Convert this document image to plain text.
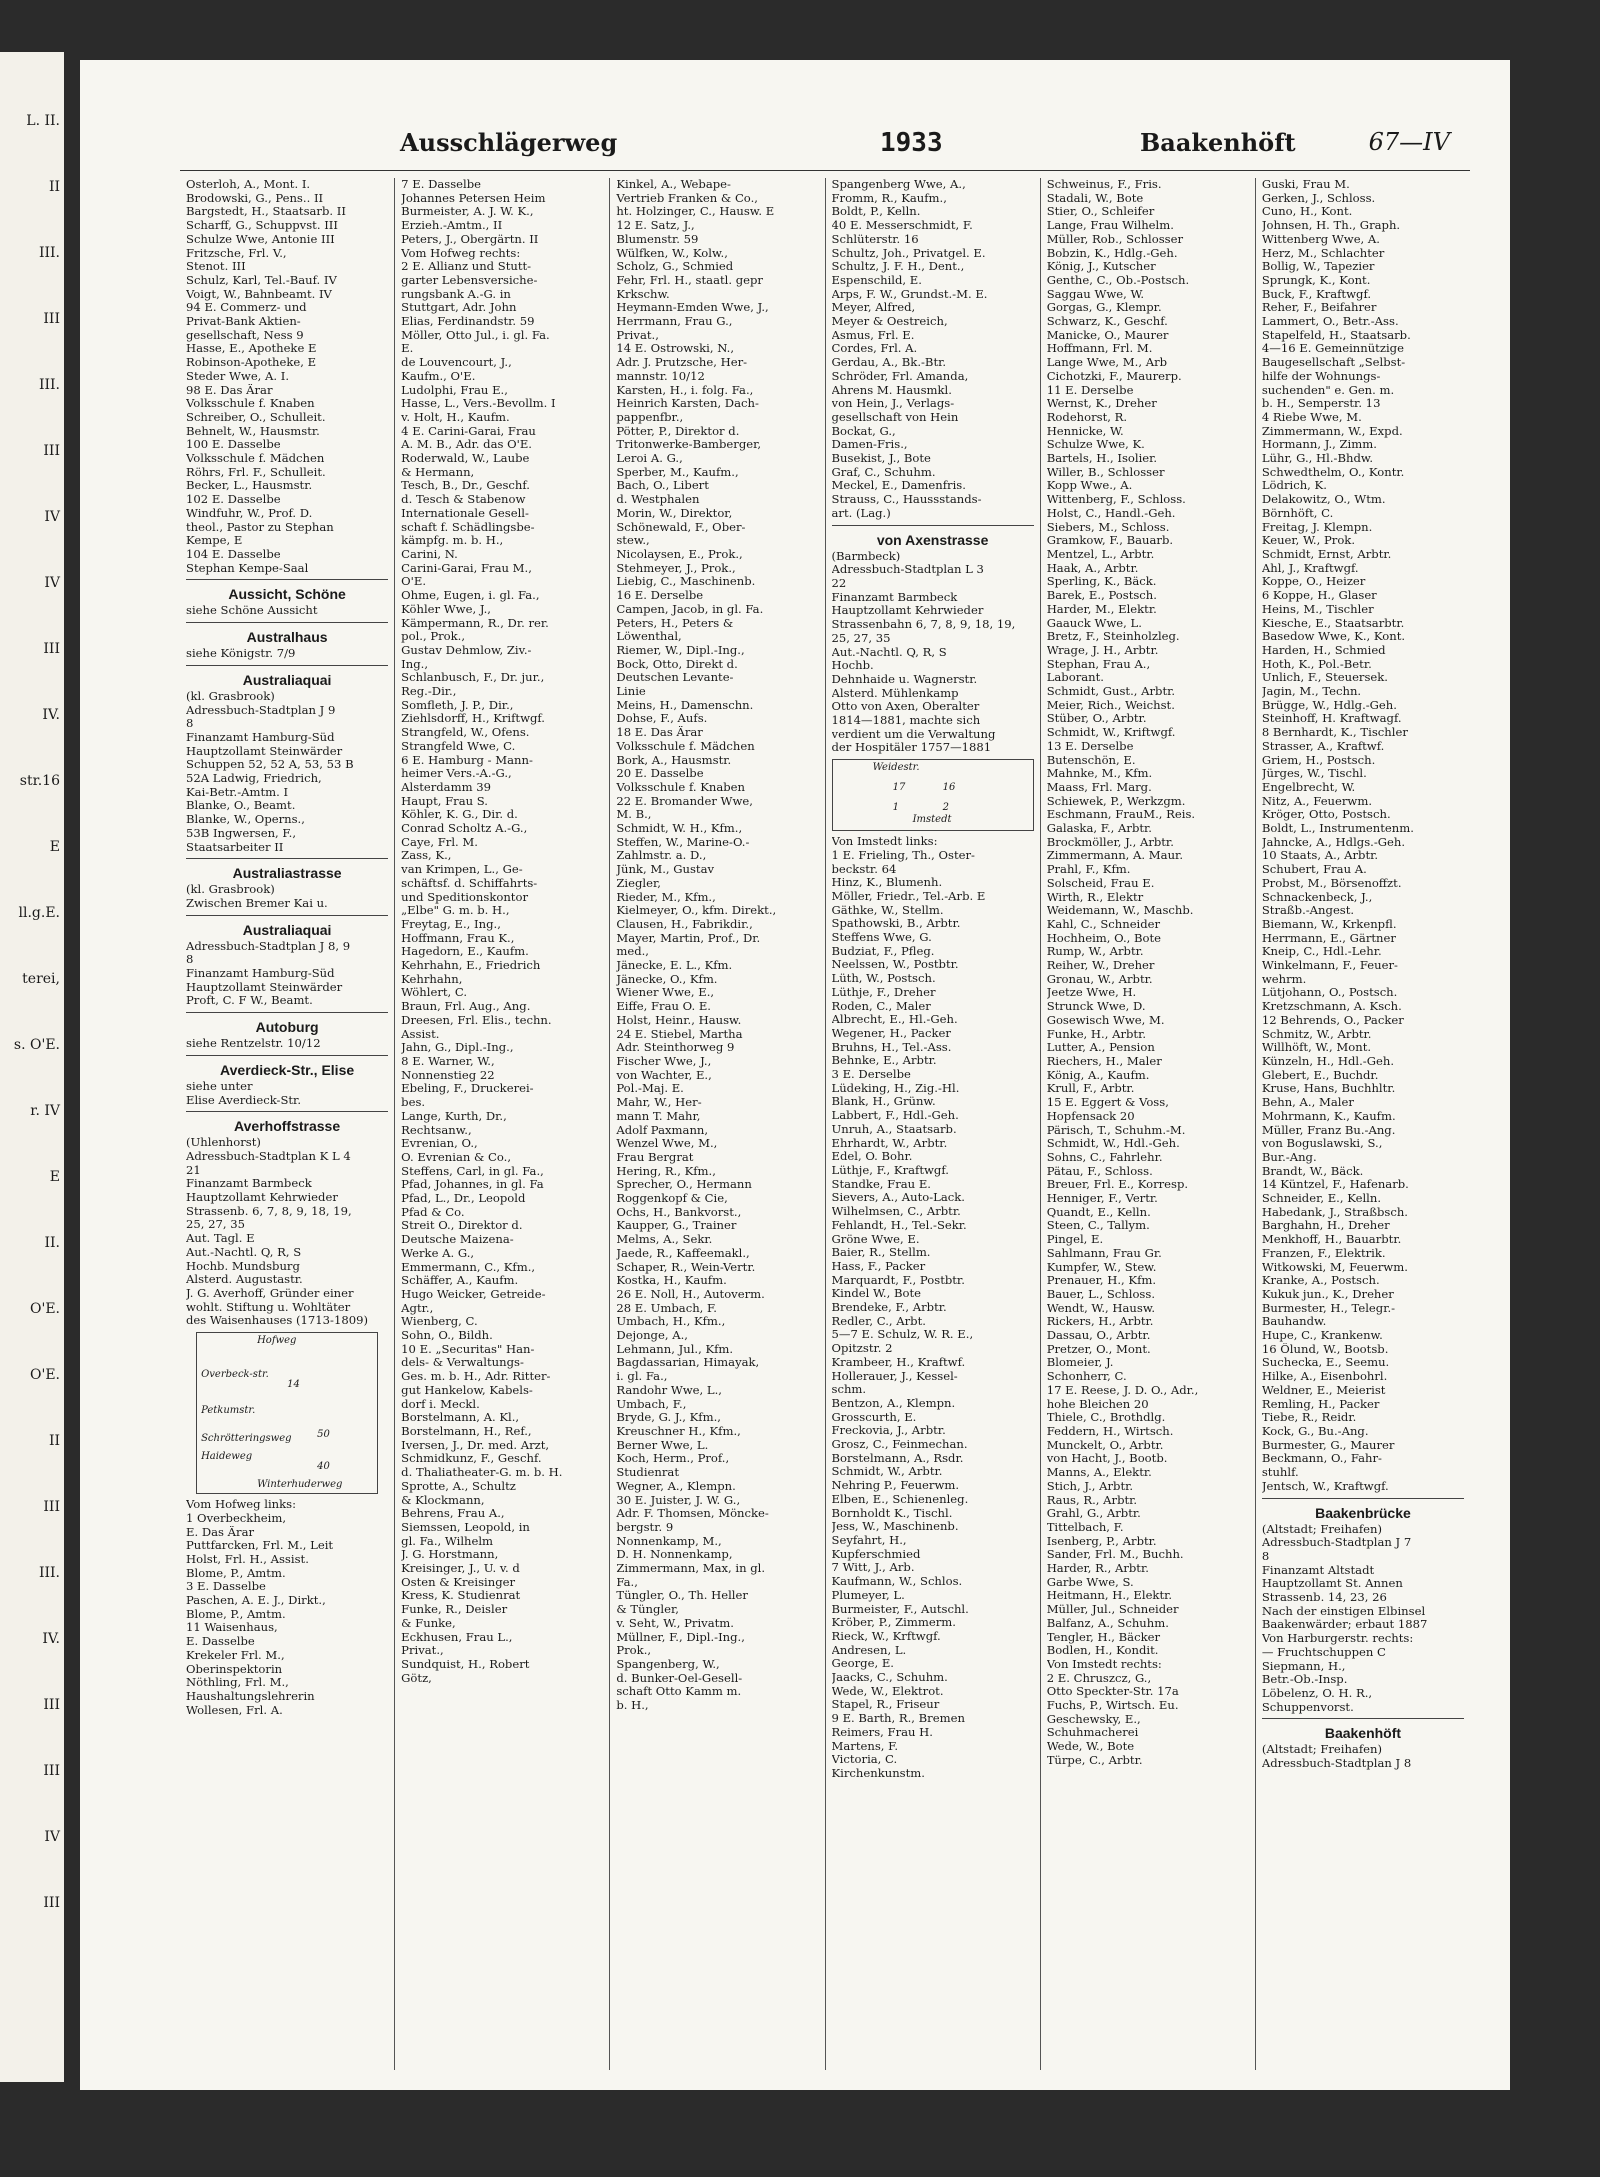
L. II.
II
III.
III
III.
III
IV
IV
III
IV.
str.16
E
ll.g.E.
terei,
s. O'E.
r. IV
E
II.
O'E.
O'E.
II
III
III.
IV.
III
III
IV
III
Ausschlägerweg	1933	Baakenhöft	67—IV
Osterloh, A., Mont. I.
Brodowski, G., Pens.. II
Bargstedt, H., Staatsarb. II
Scharff, G., Schuppvst. III
Schulze Wwe, Antonie III
Fritzsche, Frl. V.,
Stenot. III
Schulz, Karl, Tel.-Bauf. IV
Voigt, W., Bahnbeamt. IV
94 E. Commerz- und
Privat-Bank Aktien-
gesellschaft, Ness 9
Hasse, E., Apotheke E
Robinson-Apotheke, E
Steder Wwe, A. I.
98 E. Das Ärar
Volksschule f. Knaben
Schreiber, O., Schulleit.
Behnelt, W., Hausmstr.
100 E. Dasselbe
Volksschule f. Mädchen
Röhrs, Frl. F., Schulleit.
Becker, L., Hausmstr.
102 E. Dasselbe
Windfuhr, W., Prof. D.
theol., Pastor zu Stephan
Kempe, E
104 E. Dasselbe
Stephan Kempe-Saal
Aussicht, Schöne
siehe Schöne Aussicht
Australhaus
siehe Königstr. 7/9
Australiaquai
(kl. Grasbrook)
Adressbuch-Stadtplan J 9
8
Finanzamt Hamburg-Süd
Hauptzollamt Steinwärder
Schuppen 52, 52 A, 53, 53 B
52A Ladwig, Friedrich,
Kai-Betr.-Amtm. I
Blanke, O., Beamt.
Blanke, W., Operns.,
53B Ingwersen, F.,
Staatsarbeiter II
Australiastrasse
(kl. Grasbrook)
Zwischen Bremer Kai u.
Australiaquai
Adressbuch-Stadtplan J 8, 9
8
Finanzamt Hamburg-Süd
Hauptzollamt Steinwärder
Proft, C. F W., Beamt.
Autoburg
siehe Rentzelstr. 10/12
Averdieck-Str., Elise
siehe unter
Elise Averdieck-Str.
Averhoffstrasse
(Uhlenhorst)
Adressbuch-Stadtplan K L 4
21
Finanzamt Barmbeck
Hauptzollamt Kehrwieder
Strassenb. 6, 7, 8, 9, 18, 19,
25, 27, 35
Aut. Tagl. E
Aut.-Nachtl. Q, R, S
Hochb. Mundsburg
Alsterd. Augustastr.
J. G. Averhoff, Gründer einer
wohlt. Stiftung u. Wohltäter
des Waisenhauses (1713-1809)
Hofweg
Overbeck-str.
14
Petkumstr.
Schrötteringsweg	50
Haideweg
40
Winterhuderweg
Vom Hofweg links:
1 Overbeckheim,
E. Das Ärar
Puttfarcken, Frl. M., Leit
Holst, Frl. H., Assist.
Blome, P., Amtm.
3 E. Dasselbe
Paschen, A. E. J., Dirkt.,
Blome, P., Amtm.
11 Waisenhaus,
E. Dasselbe
Krekeler Frl. M.,
Oberinspektorin
Nöthling, Frl. M.,
Haushaltungslehrerin
Wollesen, Frl. A.
7 E. Dasselbe
Johannes Petersen Heim
Burmeister, A. J. W. K.,
Erzieh.-Amtm., II
Peters, J., Obergärtn. II
Vom Hofweg rechts:
2 E. Allianz und Stutt-
garter Lebensversiche-
rungsbank A.-G. in
Stuttgart, Adr. John
Elias, Ferdinandstr. 59
Möller, Otto Jul., i. gl. Fa.
E.
de Louvencourt, J.,
Kaufm., O'E.
Ludolphi, Frau E.,
Hasse, L., Vers.-Bevollm. I
v. Holt, H., Kaufm.
4 E. Carini-Garai, Frau
A. M. B., Adr. das O'E.
Roderwald, W., Laube
& Hermann,
Tesch, B., Dr., Geschf.
d. Tesch & Stabenow
Internationale Gesell-
schaft f. Schädlingsbe-
kämpfg. m. b. H.,
Carini, N.
Carini-Garai, Frau M.,
O'E.
Ohme, Eugen, i. gl. Fa.,
Köhler Wwe, J.,
Kämpermann, R., Dr. rer.
pol., Prok.,
Gustav Dehmlow, Ziv.-
Ing.,
Schlanbusch, F., Dr. jur.,
Reg.-Dir.,
Somfleth, J. P., Dir.,
Ziehlsdorff, H., Kriftwgf.
Strangfeld, W., Ofens.
Strangfeld Wwe, C.
6 E. Hamburg - Mann-
heimer Vers.-A.-G.,
Alsterdamm 39
Haupt, Frau S.
Köhler, K. G., Dir. d.
Conrad Scholtz A.-G.,
Caye, Frl. M.
Zass, K.,
van Krimpen, L., Ge-
schäftsf. d. Schiffahrts-
und Speditionskontor
„Elbe" G. m. b. H.,
Freytag, E., Ing.,
Hoffmann, Frau K.,
Hagedorn, E., Kaufm.
Kehrhahn, E., Friedrich
Kehrhahn,
Wöhlert, C.
Braun, Frl. Aug., Ang.
Dreesen, Frl. Elis., techn.
Assist.
Jahn, G., Dipl.-Ing.,
8 E. Warner, W.,
Nonnenstieg 22
Ebeling, F., Druckerei-
bes.
Lange, Kurth, Dr.,
Rechtsanw.,
Evrenian, O.,
O. Evrenian & Co.,
Steffens, Carl, in gl. Fa.,
Pfad, Johannes, in gl. Fa
Pfad, L., Dr., Leopold
Pfad & Co.
Streit O., Direktor d.
Deutsche Maizena-
Werke A. G.,
Emmermann, C., Kfm.,
Schäffer, A., Kaufm.
Hugo Weicker, Getreide-
Agtr.,
Wienberg, C.
Sohn, O., Bildh.
10 E. „Securitas" Han-
dels- & Verwaltungs-
Ges. m. b. H., Adr. Ritter-
gut Hankelow, Kabels-
dorf i. Meckl.
Borstelmann, A. Kl.,
Borstelmann, H., Ref.,
Iversen, J., Dr. med. Arzt,
Schmidkunz, F., Geschf.
d. Thaliatheater-G. m. b. H.
Sprotte, A., Schultz
& Klockmann,
Behrens, Frau A.,
Siemssen, Leopold, in
gl. Fa., Wilhelm
J. G. Horstmann,
Kreisinger, J., U. v. d
Osten & Kreisinger
Kress, K. Studienrat
Funke, R., Deisler
& Funke,
Eckhusen, Frau L.,
Privat.,
Sundquist, H., Robert
Götz,
Kinkel, A., Webape-
Vertrieb Franken & Co.,
ht. Holzinger, C., Hausw. E
12 E. Satz, J.,
Blumenstr. 59
Wülfken, W., Kolw.,
Scholz, G., Schmied
Fehr, Frl. H., staatl. gepr
Krkschw.
Heymann-Emden Wwe, J.,
Herrmann, Frau G.,
Privat.,
14 E. Ostrowski, N.,
Adr. J. Prutzsche, Her-
mannstr. 10/12
Karsten, H., i. folg. Fa.,
Heinrich Karsten, Dach-
pappenfbr.,
Pötter, P., Direktor d.
Tritonwerke-Bamberger,
Leroi A. G.,
Sperber, M., Kaufm.,
Bach, O., Libert
d. Westphalen
Morin, W., Direktor,
Schönewald, F., Ober-
stew.,
Nicolaysen, E., Prok.,
Stehmeyer, J., Prok.,
Liebig, C., Maschinenb.
16 E. Derselbe
Campen, Jacob, in gl. Fa.
Peters, H., Peters &
Löwenthal,
Riemer, W., Dipl.-Ing.,
Bock, Otto, Direkt d.
Deutschen Levante-
Linie
Meins, H., Damenschn.
Dohse, F., Aufs.
18 E. Das Ärar
Volksschule f. Mädchen
Bork, A., Hausmstr.
20 E. Dasselbe
Volksschule f. Knaben
22 E. Bromander Wwe,
M. B.,
Schmidt, W. H., Kfm.,
Steffen, W., Marine-O.-
Zahlmstr. a. D.,
Jünk, M., Gustav
Ziegler,
Rieder, M., Kfm.,
Kielmeyer, O., kfm. Direkt.,
Clausen, H., Fabrikdir.,
Mayer, Martin, Prof., Dr.
med.,
Jänecke, E. L., Kfm.
Jänecke, O., Kfm.
Wiener Wwe, E.,
Eiffe, Frau O. E.
Holst, Heinr., Hausw.
24 E. Stiebel, Martha
Adr. Steinthorweg 9
Fischer Wwe, J.,
von Wachter, E.,
Pol.-Maj. E.
Mahr, W., Her-
mann T. Mahr,
Adolf Paxmann,
Wenzel Wwe, M.,
Frau Bergrat
Hering, R., Kfm.,
Sprecher, O., Hermann
Roggenkopf & Cie,
Ochs, H., Bankvorst.,
Kaupper, G., Trainer
Melms, A., Sekr.
Jaede, R., Kaffeemakl.,
Schaper, R., Wein-Vertr.
Kostka, H., Kaufm.
26 E. Noll, H., Autoverm.
28 E. Umbach, F.
Umbach, H., Kfm.,
Dejonge, A.,
Lehmann, Jul., Kfm.
Bagdassarian, Himayak,
i. gl. Fa.,
Randohr Wwe, L.,
Umbach, F.,
Bryde, G. J., Kfm.,
Kreuschner H., Kfm.,
Berner Wwe, L.
Koch, Herm., Prof.,
Studienrat
Wegner, A., Klempn.
30 E. Juister, J. W. G.,
Adr. F. Thomsen, Möncke-
bergstr. 9
Nonnenkamp, M.,
D. H. Nonnenkamp,
Zimmermann, Max, in gl.
Fa.,
Tüngler, O., Th. Heller
& Tüngler,
v. Seht, W., Privatm.
Müllner, F., Dipl.-Ing.,
Prok.,
Spangenberg, W.,
d. Bunker-Oel-Gesell-
schaft Otto Kamm m.
b. H.,
Spangenberg Wwe, A.,
Fromm, R., Kaufm.,
Boldt, P., Kelln.
40 E. Messerschmidt, F.
Schlüterstr. 16
Schultz, Joh., Privatgel. E.
Schultz, J. F. H., Dent.,
Espenschild, E.
Arps, F. W., Grundst.-M. E.
Meyer, Alfred,
Meyer & Oestreich,
Asmus, Frl. E.
Cordes, Frl. A.
Gerdau, A., Bk.-Btr.
Schröder, Frl. Amanda,
Ahrens M. Hausmkl.
von Hein, J., Verlags-
gesellschaft von Hein
Bockat, G.,
Damen-Fris.,
Busekist, J., Bote
Graf, C., Schuhm.
Meckel, E., Damenfris.
Strauss, C., Haussstands-
art. (Lag.)
von Axenstrasse
(Barmbeck)
Adressbuch-Stadtplan L 3
22
Finanzamt Barmbeck
Hauptzollamt Kehrwieder
Strassenbahn 6, 7, 8, 9, 18, 19,
25, 27, 35
Aut.-Nachtl. Q, R, S
Hochb.
Dehnhaide u. Wagnerstr.
Alsterd. Mühlenkamp
Otto von Axen, Oberalter
1814—1881, machte sich
verdient um die Verwaltung
der Hospitäler 1757—1881
Weidestr.
17	16
1	2
Imstedt
Von Imstedt links:
1 E. Frieling, Th., Oster-
beckstr. 64
Hinz, K., Blumenh.
Möller, Friedr., Tel.-Arb. E
Gäthke, W., Stellm.
Spathowski, B., Arbtr.
Steffens Wwe, G.
Budziat, F., Pfleg.
Neelssen, W., Postbtr.
Lüth, W., Postsch.
Lüthje, F., Dreher
Roden, C., Maler
Albrecht, E., Hl.-Geh.
Wegener, H., Packer
Bruhns, H., Tel.-Ass.
Behnke, E., Arbtr.
3 E. Derselbe
Lüdeking, H., Zig.-Hl.
Blank, H., Grünw.
Labbert, F., Hdl.-Geh.
Unruh, A., Staatsarb.
Ehrhardt, W., Arbtr.
Edel, O. Bohr.
Lüthje, F., Kraftwgf.
Standke, Frau E.
Sievers, A., Auto-Lack.
Wilhelmsen, C., Arbtr.
Fehlandt, H., Tel.-Sekr.
Gröne Wwe, E.
Baier, R., Stellm.
Hass, F., Packer
Marquardt, F., Postbtr.
Kindel W., Bote
Brendeke, F., Arbtr.
Redler, C., Arbt.
5—7 E. Schulz, W. R. E.,
Opitzstr. 2
Krambeer, H., Kraftwf.
Hollerauer, J., Kessel-
schm.
Bentzon, A., Klempn.
Grosscurth, E.
Freckovia, J., Arbtr.
Grosz, C., Feinmechan.
Borstelmann, A., Rsdr.
Schmidt, W., Arbtr.
Nehring P., Feuerwm.
Elben, E., Schienenleg.
Bornholdt K., Tischl.
Jess, W., Maschinenb.
Seyfahrt, H.,
Kupferschmied
7 Witt, J., Arb.
Kaufmann, W., Schlos.
Plumeyer, L.
Burmeister, F., Autschl.
Kröber, P., Zimmerm.
Rieck, W., Krftwgf.
Andresen, L.
George, E.
Jaacks, C., Schuhm.
Wede, W., Elektrot.
Stapel, R., Friseur
9 E. Barth, R., Bremen
Reimers, Frau H.
Martens, F.
Victoria, C.
Kirchenkunstm.
Schweinus, F., Fris.
Stadali, W., Bote
Stier, O., Schleifer
Lange, Frau Wilhelm.
Müller, Rob., Schlosser
Bobzin, K., Hdlg.-Geh.
König, J., Kutscher
Genthe, C., Ob.-Postsch.
Saggau Wwe, W.
Gorgas, G., Klempr.
Schwarz, K., Geschf.
Manicke, O., Maurer
Hoffmann, Frl. M.
Lange Wwe, M., Arb
Cichotzki, F., Maurerp.
11 E. Derselbe
Wernst, K., Dreher
Rodehorst, R.
Hennicke, W.
Schulze Wwe, K.
Bartels, H., Isolier.
Willer, B., Schlosser
Kopp Wwe., A.
Wittenberg, F., Schloss.
Holst, C., Handl.-Geh.
Siebers, M., Schloss.
Gramkow, F., Bauarb.
Mentzel, L., Arbtr.
Haak, A., Arbtr.
Sperling, K., Bäck.
Barek, E., Postsch.
Harder, M., Elektr.
Gaauck Wwe, L.
Bretz, F., Steinholzleg.
Wrage, J. H., Arbtr.
Stephan, Frau A.,
Laborant.
Schmidt, Gust., Arbtr.
Meier, Rich., Weichst.
Stüber, O., Arbtr.
Schmidt, W., Kriftwgf.
13 E. Derselbe
Butenschön, E.
Mahnke, M., Kfm.
Maass, Frl. Marg.
Schiewek, P., Werkzgm.
Eschmann, FrauM., Reis.
Galaska, F., Arbtr.
Brockmöller, J., Arbtr.
Zimmermann, A. Maur.
Prahl, F., Kfm.
Solscheid, Frau E.
Wirth, R., Elektr
Weidemann, W., Maschb.
Kahl, C., Schneider
Hochheim, O., Bote
Rump, W., Arbtr.
Reiher, W., Dreher
Gronau, W., Arbtr.
Jeetze Wwe, H.
Strunck Wwe, D.
Gosewisch Wwe, M.
Funke, H., Arbtr.
Lutter, A., Pension
Riechers, H., Maler
König, A., Kaufm.
Krull, F., Arbtr.
15 E. Eggert & Voss,
Hopfensack 20
Pärisch, T., Schuhm.-M.
Schmidt, W., Hdl.-Geh.
Sohns, C., Fahrlehr.
Pätau, F., Schloss.
Breuer, Frl. E., Korresp.
Henniger, F., Vertr.
Quandt, E., Kelln.
Steen, C., Tallym.
Pingel, E.
Sahlmann, Frau Gr.
Kumpfer, W., Stew.
Prenauer, H., Kfm.
Bauer, L., Schloss.
Wendt, W., Hausw.
Rickers, H., Arbtr.
Dassau, O., Arbtr.
Pretzer, O., Mont.
Blomeier, J.
Schonherr, C.
17 E. Reese, J. D. O., Adr.,
hohe Bleichen 20
Thiele, C., Brothdlg.
Feddern, H., Wirtsch.
Munckelt, O., Arbtr.
von Hacht, J., Bootb.
Manns, A., Elektr.
Stich, J., Arbtr.
Raus, R., Arbtr.
Grahl, G., Arbtr.
Tittelbach, F.
Isenberg, P., Arbtr.
Sander, Frl. M., Buchh.
Harder, R., Arbtr.
Garbe Wwe, S.
Heitmann, H., Elektr.
Müller, Jul., Schneider
Balfanz, A., Schuhm.
Tengler, H., Bäcker
Bodlen, H., Kondit.
Von Imstedt rechts:
2 E. Chruszcz, G.,
Otto Speckter-Str. 17a
Fuchs, P., Wirtsch. Eu.
Geschewsky, E.,
Schuhmacherei
Wede, W., Bote
Türpe, C., Arbtr.
Guski, Frau M.
Gerken, J., Schloss.
Cuno, H., Kont.
Johnsen, H. Th., Graph.
Wittenberg Wwe, A.
Herz, M., Schlachter
Bollig, W., Tapezier
Sprungk, K., Kont.
Buck, F., Kraftwgf.
Reher, F., Beifahrer
Lammert, O., Betr.-Ass.
Stapelfeld, H., Staatsarb.
4—16 E. Gemeinnützige
Baugesellschaft „Selbst-
hilfe der Wohnungs-
suchenden" e. Gen. m.
b. H., Semperstr. 13
4 Riebe Wwe, M.
Zimmermann, W., Expd.
Hormann, J., Zimm.
Lühr, G., Hl.-Bhdw.
Schwedthelm, O., Kontr.
Lödrich, K.
Delakowitz, O., Wtm.
Börnhöft, C.
Freitag, J. Klempn.
Keuer, W., Prok.
Schmidt, Ernst, Arbtr.
Ahl, J., Kraftwgf.
Koppe, O., Heizer
6 Koppe, H., Glaser
Heins, M., Tischler
Kiesche, E., Staatsarbtr.
Basedow Wwe, K., Kont.
Harden, H., Schmied
Hoth, K., Pol.-Betr.
Unlich, F., Steuersek.
Jagin, M., Techn.
Brügge, W., Hdlg.-Geh.
Steinhoff, H. Kraftwagf.
8 Bernhardt, K., Tischler
Strasser, A., Kraftwf.
Griem, H., Postsch.
Jürges, W., Tischl.
Engelbrecht, W.
Nitz, A., Feuerwm.
Kröger, Otto, Postsch.
Boldt, L., Instrumentenm.
Jahncke, A., Hdlgs.-Geh.
10 Staats, A., Arbtr.
Schubert, Frau A.
Probst, M., Börsenoffzt.
Schnackenbeck, J.,
Straßb.-Angest.
Biemann, W., Krkenpfl.
Herrmann, E., Gärtner
Kneip, C., Hdl.-Lehr.
Winkelmann, F., Feuer-
wehrm.
Lütjohann, O., Postsch.
Kretzschmann, A. Ksch.
12 Behrends, O., Packer
Schmitz, W., Arbtr.
Willhöft, W., Mont.
Künzeln, H., Hdl.-Geh.
Glebert, E., Buchdr.
Kruse, Hans, Buchhltr.
Behn, A., Maler
Mohrmann, K., Kaufm.
Müller, Franz Bu.-Ang.
von Boguslawski, S.,
Bur.-Ang.
Brandt, W., Bäck.
14 Küntzel, F., Hafenarb.
Schneider, E., Kelln.
Habedank, J., Straßbsch.
Barghahn, H., Dreher
Menkhoff, H., Bauarbtr.
Franzen, F., Elektrik.
Witkowski, M, Feuerwm.
Kranke, A., Postsch.
Kukuk jun., K., Dreher
Burmester, H., Telegr.-
Bauhandw.
Hupe, C., Krankenw.
16 Ölund, W., Bootsb.
Suchecka, E., Seemu.
Hilke, A., Eisenbohrl.
Weldner, E., Meierist
Remling, H., Packer
Tiebe, R., Reidr.
Kock, G., Bu.-Ang.
Burmester, G., Maurer
Beckmann, O., Fahr-
stuhlf.
Jentsch, W., Kraftwgf.
Baakenbrücke
(Altstadt; Freihafen)
Adressbuch-Stadtplan J 7
8
Finanzamt Altstadt
Hauptzollamt St. Annen
Strassenb. 14, 23, 26
Nach der einstigen Elbinsel
Baakenwärder; erbaut 1887
Von Harburgerstr. rechts:
— Fruchtschuppen C
Siepmann, H.,
Betr.-Ob.-Insp.
Löbelenz, O. H. R.,
Schuppenvorst.
Baakenhöft
(Altstadt; Freihafen)
Adressbuch-Stadtplan J 8
